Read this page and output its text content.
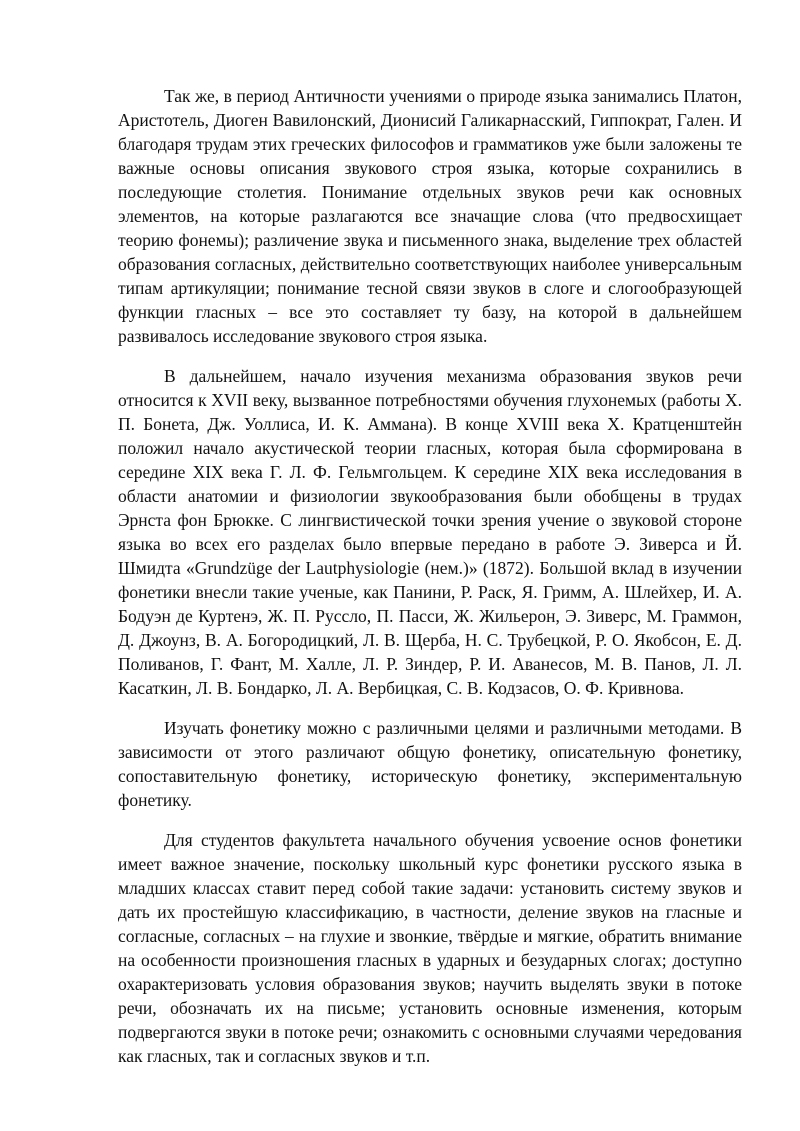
Так же, в период Античности учениями о природе языка занимались Платон, Аристотель, Диоген Вавилонский, Дионисий Галикарнасский, Гиппократ, Гален. И благодаря трудам этих греческих философов и грамматиков уже были заложены те важные основы описания звукового строя языка, которые сохранились в последующие столетия. Понимание отдельных звуков речи как основных элементов, на которые разлагаются все значащие слова (что предвосхищает теорию фонемы); различение звука и письменного знака, выделение трех областей образования согласных, действительно соответствующих наиболее универсальным типам артикуляции; понимание тесной связи звуков в слоге и слогообразующей функции гласных – все это составляет ту базу, на которой в дальнейшем развивалось исследование звукового строя языка.

В дальнейшем, начало изучения механизма образования звуков речи относится к XVII веку, вызванное потребностями обучения глухонемых (работы Х. П. Бонета, Дж. Уоллиса, И. К. Аммана). В конце XVIII века Х. Кратценштейн положил начало акустической теории гласных, которая была сформирована в середине XIX века Г. Л. Ф. Гельмгольцем. К середине XIX века исследования в области анатомии и физиологии звукообразования были обобщены в трудах Эрнста фон Брюкке. С лингвистической точки зрения учение о звуковой стороне языка во всех его разделах было впервые передано в работе Э. Зиверса и Й. Шмидта «Grundzüge der Lautphysiologie (нем.)» (1872). Большой вклад в изучении фонетики внесли такие ученые, как Панини, Р. Раск, Я. Гримм, А. Шлейхер, И. А. Бодуэн де Куртенэ, Ж. П. Руссло, П. Пасси, Ж. Жильерон, Э. Зиверс, М. Граммон, Д. Джоунз, В. А. Богородицкий, Л. В. Щерба, Н. С. Трубецкой, Р. О. Якобсон, Е. Д. Поливанов, Г. Фант, М. Халле, Л. Р. Зиндер, Р. И. Аванесов, М. В. Панов, Л. Л. Касаткин, Л. В. Бондарко, Л. А. Вербицкая, С. В. Кодзасов, О. Ф. Кривнова.

Изучать фонетику можно с различными целями и различными методами. В зависимости от этого различают общую фонетику, описательную фонетику, сопоставительную фонетику, историческую фонетику, экспериментальную фонетику.

Для студентов факультета начального обучения усвоение основ фонетики имеет важное значение, поскольку школьный курс фонетики русского языка в младших классах ставит перед собой такие задачи: установить систему звуков и дать их простейшую классификацию, в частности, деление звуков на гласные и согласные, согласных – на глухие и звонкие, твёрдые и мягкие, обратить внимание на особенности произношения гласных в ударных и безударных слогах; доступно охарактеризовать условия образования звуков; научить выделять звуки в потоке речи, обозначать их на письме; установить основные изменения, которым подвергаются звуки в потоке речи; ознакомить с основными случаями чередования как гласных, так и согласных звуков и т.п.
